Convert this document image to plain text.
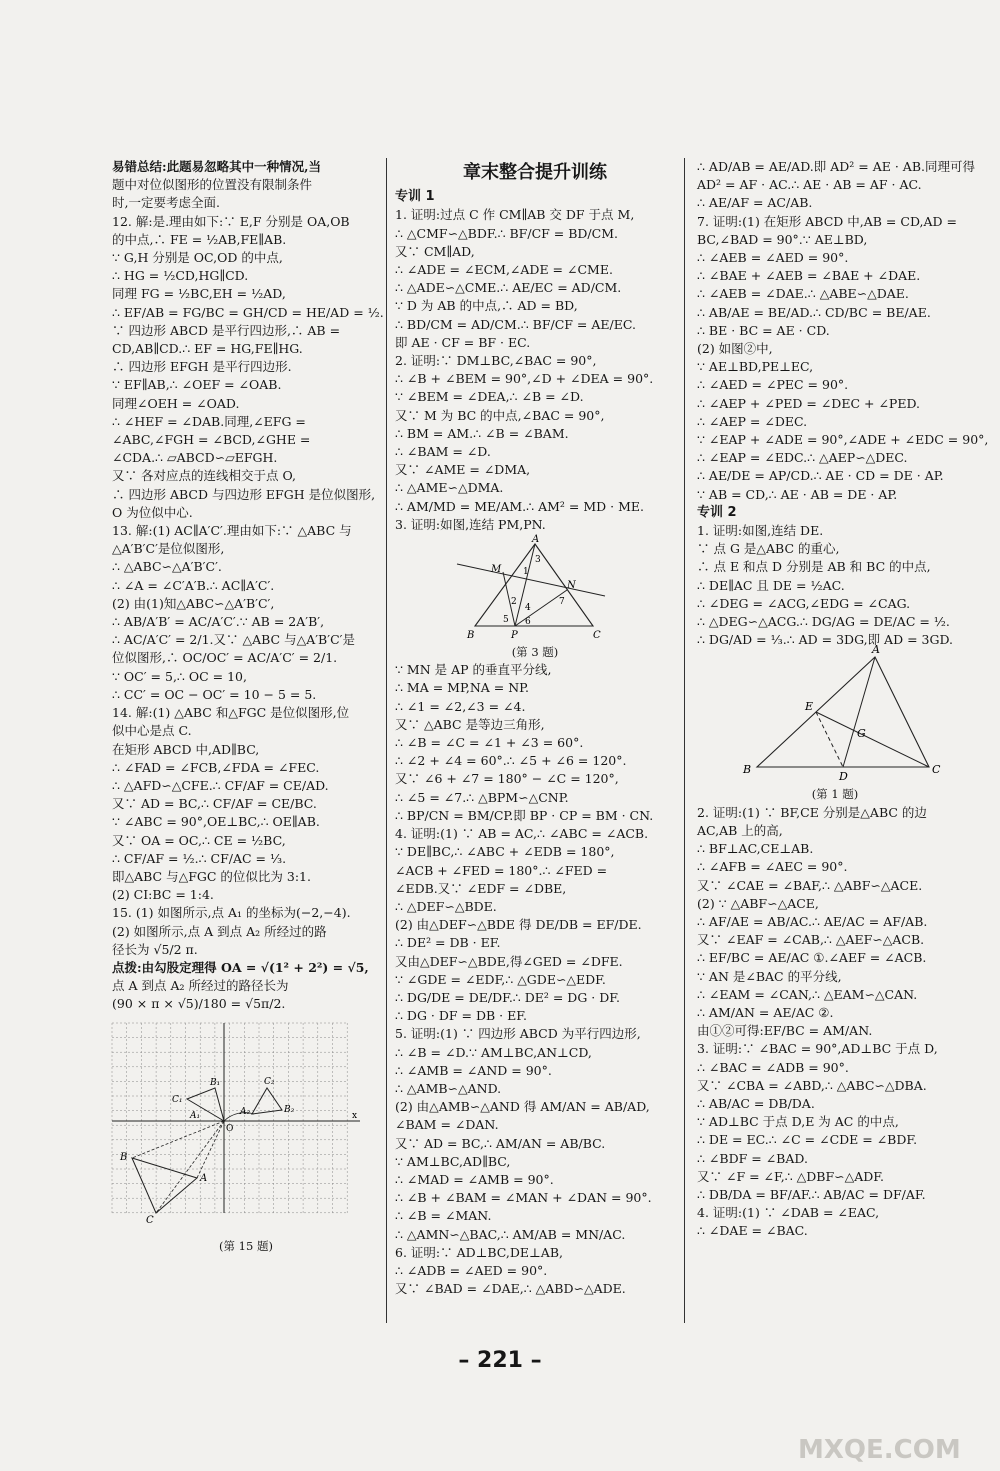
易错总结:此题易忽略其中一种情况,当
题中对位似图形的位置没有限制条件
时,一定要考虑全面.
12. 解:是.理由如下:∵ E,F 分别是 OA,OB
的中点,∴ FE = ½AB,FE∥AB.
∵ G,H 分别是 OC,OD 的中点,
∴ HG = ½CD,HG∥CD.
同理 FG = ½BC,EH = ½AD,
∴ EF/AB = FG/BC = GH/CD = HE/AD = ½.
∵ 四边形 ABCD 是平行四边形,∴ AB =
CD,AB∥CD.∴ EF = HG,FE∥HG.
∴ 四边形 EFGH 是平行四边形.
∵ EF∥AB,∴ ∠OEF = ∠OAB.
同理∠OEH = ∠OAD.
∴ ∠HEF = ∠DAB.同理,∠EFG =
∠ABC,∠FGH = ∠BCD,∠GHE =
∠CDA.∴ ▱ABCD∽▱EFGH.
又∵ 各对应点的连线相交于点 O,
∴ 四边形 ABCD 与四边形 EFGH 是位似图形,
O 为位似中心.
13. 解:(1) AC∥A′C′.理由如下:∵ △ABC 与
△A′B′C′是位似图形,
∴ △ABC∽△A′B′C′.
∴ ∠A = ∠C′A′B.∴ AC∥A′C′.
(2) 由(1)知△ABC∽△A′B′C′,
∴ AB/A′B′ = AC/A′C′.∵ AB = 2A′B′,
∴ AC/A′C′ = 2/1.又∵ △ABC 与△A′B′C′是
位似图形,∴ OC/OC′ = AC/A′C′ = 2/1.
∵ OC′ = 5,∴ OC = 10,
∴ CC′ = OC − OC′ = 10 − 5 = 5.
14. 解:(1) △ABC 和△FGC 是位似图形,位
似中心是点 C.
在矩形 ABCD 中,AD∥BC,
∴ ∠FAD = ∠FCB,∠FDA = ∠FEC.
∴ △AFD∽△CFE.∴ CF/AF = CE/AD.
又∵ AD = BC,∴ CF/AF = CE/BC.
∵ ∠ABC = 90°,OE⊥BC,∴ OE∥AB.
又∵ OA = OC,∴ CE = ½BC,
∴ CF/AF = ½.∴ CF/AC = ⅓.
即△ABC 与△FGC 的位似比为 3:1.
(2) CI:BC = 1:4.
15. (1) 如图所示,点 A₁ 的坐标为(−2,−4).
(2) 如图所示,点 A 到点 A₂ 所经过的路
径长为 √5/2 π.
点拨:由勾股定理得 OA = √(1² + 2²) = √5,
点 A 到点 A₂ 所经过的路径长为
(90 × π × √5)/180 = √5π/2.
x
O
C₁
B₁
A₁
C₂
A₂	B₂
B
A
C
(第 15 题)
章末整合提升训练
专训 1
1. 证明:过点 C 作 CM∥AB 交 DF 于点 M,
∴ △CMF∽△BDF.∴ BF/CF = BD/CM.
又∵ CM∥AD,
∴ ∠ADE = ∠ECM,∠ADE = ∠CME.
∴ △ADE∽△CME.∴ AE/EC = AD/CM.
∵ D 为 AB 的中点,∴ AD = BD,
∴ BD/CM = AD/CM.∴ BF/CF = AE/EC.
即 AE · CF = BF · EC.
2. 证明:∵ DM⊥BC,∠BAC = 90°,
∴ ∠B + ∠BEM = 90°,∠D + ∠DEA = 90°.
∵ ∠BEM = ∠DEA,∴ ∠B = ∠D.
又∵ M 为 BC 的中点,∠BAC = 90°,
∴ BM = AM.∴ ∠B = ∠BAM.
∴ ∠BAM = ∠D.
又∵ ∠AME = ∠DMA,
∴ △AME∽△DMA.
∴ AM/MD = ME/AM.∴ AM² = MD · ME.
3. 证明:如图,连结 PM,PN.
A
B	C
P
M
N
1
3
2
4
5 6
7
(第 3 题)
∵ MN 是 AP 的垂直平分线,
∴ MA = MP,NA = NP.
∴ ∠1 = ∠2,∠3 = ∠4.
又∵ △ABC 是等边三角形,
∴ ∠B = ∠C = ∠1 + ∠3 = 60°.
∴ ∠2 + ∠4 = 60°.∴ ∠5 + ∠6 = 120°.
又∵ ∠6 + ∠7 = 180° − ∠C = 120°,
∴ ∠5 = ∠7.∴ △BPM∽△CNP.
∴ BP/CN = BM/CP.即 BP · CP = BM · CN.
4. 证明:(1) ∵ AB = AC,∴ ∠ABC = ∠ACB.
∵ DE∥BC,∴ ∠ABC + ∠EDB = 180°,
∠ACB + ∠FED = 180°.∴ ∠FED =
∠EDB.又∵ ∠EDF = ∠DBE,
∴ △DEF∽△BDE.
(2) 由△DEF∽△BDE 得 DE/DB = EF/DE.
∴ DE² = DB · EF.
又由△DEF∽△BDE,得∠GED = ∠DFE.
∵ ∠GDE = ∠EDF,∴ △GDE∽△EDF.
∴ DG/DE = DE/DF.∴ DE² = DG · DF.
∴ DG · DF = DB · EF.
5. 证明:(1) ∵ 四边形 ABCD 为平行四边形,
∴ ∠B = ∠D.∵ AM⊥BC,AN⊥CD,
∴ ∠AMB = ∠AND = 90°.
∴ △AMB∽△AND.
(2) 由△AMB∽△AND 得 AM/AN = AB/AD,
∠BAM = ∠DAN.
又∵ AD = BC,∴ AM/AN = AB/BC.
∵ AM⊥BC,AD∥BC,
∴ ∠MAD = ∠AMB = 90°.
∴ ∠B + ∠BAM = ∠MAN + ∠DAN = 90°.
∴ ∠B = ∠MAN.
∴ △AMN∽△BAC,∴ AM/AB = MN/AC.
6. 证明:∵ AD⊥BC,DE⊥AB,
∴ ∠ADB = ∠AED = 90°.
又∵ ∠BAD = ∠DAE,∴ △ABD∽△ADE.
∴ AD/AB = AE/AD.即 AD² = AE · AB.同理可得
AD² = AF · AC.∴ AE · AB = AF · AC.
∴ AE/AF = AC/AB.
7. 证明:(1) 在矩形 ABCD 中,AB = CD,AD =
BC,∠BAD = 90°.∵ AE⊥BD,
∴ ∠AEB = ∠AED = 90°.
∴ ∠BAE + ∠AEB = ∠BAE + ∠DAE.
∴ ∠AEB = ∠DAE.∴ △ABE∽△DAE.
∴ AB/AE = BE/AD.∴ CD/BC = BE/AE.
∴ BE · BC = AE · CD.
(2) 如图②中,
∵ AE⊥BD,PE⊥EC,
∴ ∠AED = ∠PEC = 90°.
∴ ∠AEP + ∠PED = ∠DEC + ∠PED.
∴ ∠AEP = ∠DEC.
∵ ∠EAP + ∠ADE = 90°,∠ADE + ∠EDC = 90°,
∴ ∠EAP = ∠EDC.∴ △AEP∽△DEC.
∴ AE/DE = AP/CD.∴ AE · CD = DE · AP.
∵ AB = CD,∴ AE · AB = DE · AP.
专训 2
1. 证明:如图,连结 DE.
∵ 点 G 是△ABC 的重心,
∴ 点 E 和点 D 分别是 AB 和 BC 的中点,
∴ DE∥AC 且 DE = ½AC.
∴ ∠DEG = ∠ACG,∠EDG = ∠CAG.
∴ △DEG∽△ACG.∴ DG/AG = DE/AC = ½.
∴ DG/AD = ⅓.∴ AD = 3DG,即 AD = 3GD.
A
B	C
D
E
G
(第 1 题)
2. 证明:(1) ∵ BF,CE 分别是△ABC 的边
AC,AB 上的高,
∴ BF⊥AC,CE⊥AB.
∴ ∠AFB = ∠AEC = 90°.
又∵ ∠CAE = ∠BAF,∴ △ABF∽△ACE.
(2) ∵ △ABF∽△ACE,
∴ AF/AE = AB/AC.∴ AE/AC = AF/AB.
又∵ ∠EAF = ∠CAB,∴ △AEF∽△ACB.
∴ EF/BC = AE/AC ①.∠AEF = ∠ACB.
∵ AN 是∠BAC 的平分线,
∴ ∠EAM = ∠CAN,∴ △EAM∽△CAN.
∴ AM/AN = AE/AC ②.
由①②可得:EF/BC = AM/AN.
3. 证明:∵ ∠BAC = 90°,AD⊥BC 于点 D,
∴ ∠BAC = ∠ADB = 90°.
又∵ ∠CBA = ∠ABD,∴ △ABC∽△DBA.
∴ AB/AC = DB/DA.
∵ AD⊥BC 于点 D,E 为 AC 的中点,
∴ DE = EC.∴ ∠C = ∠CDE = ∠BDF.
∴ ∠BDF = ∠BAD.
又∵ ∠F = ∠F,∴ △DBF∽△ADF.
∴ DB/DA = BF/AF.∴ AB/AC = DF/AF.
4. 证明:(1) ∵ ∠DAB = ∠EAC,
∴ ∠DAE = ∠BAC.
– 221 –
MXQE.COM
